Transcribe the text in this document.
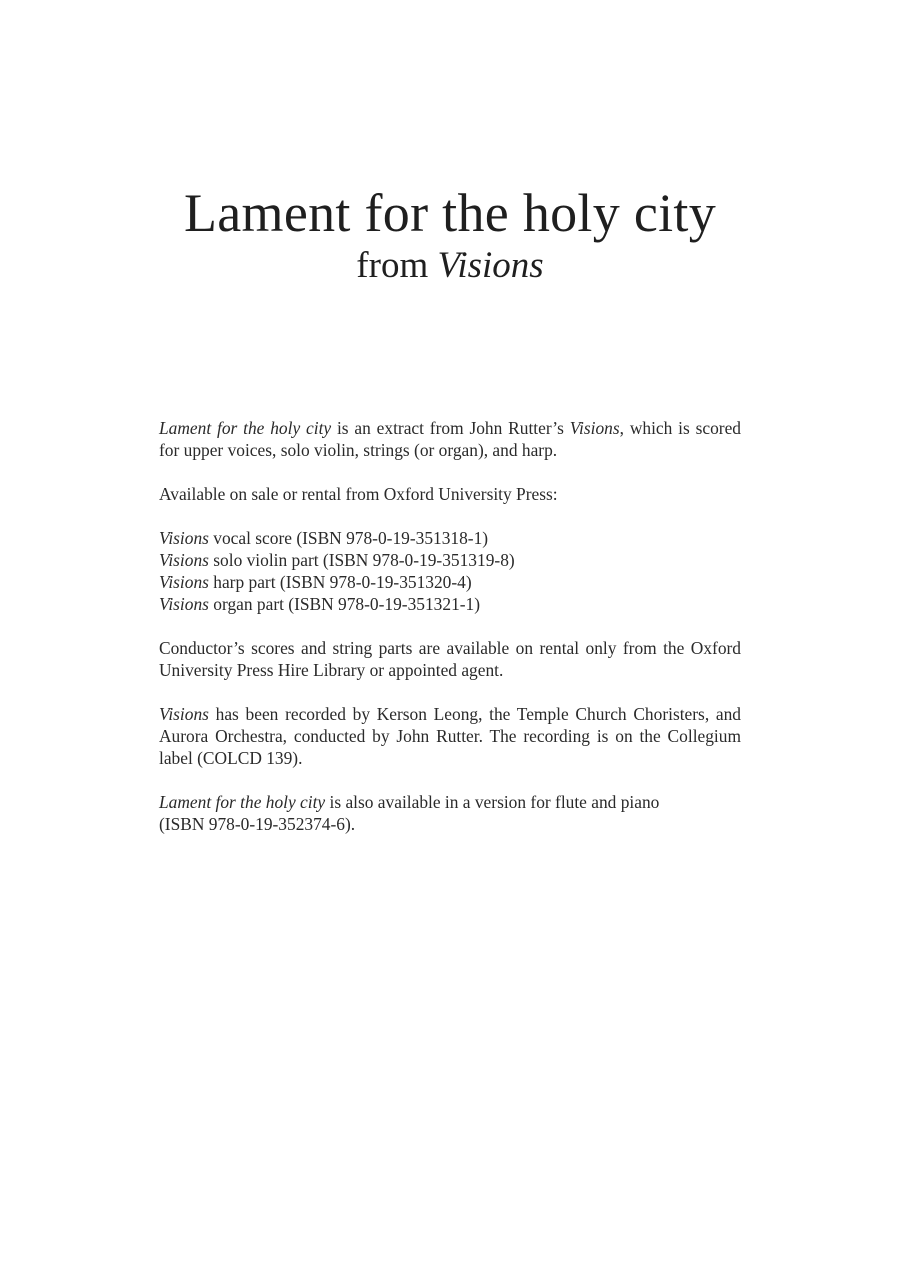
Lament for the holy city
from Visions

Lament for the holy city is an extract from John Rutter’s Visions, which is scored for upper voices, solo violin, strings (or organ), and harp.

Available on sale or rental from Oxford University Press:

Visions vocal score (ISBN 978-0-19-351318-1)

Visions solo violin part (ISBN 978-0-19-351319-8)

Visions harp part (ISBN 978-0-19-351320-4)

Visions organ part (ISBN 978-0-19-351321-1)

Conductor’s scores and string parts are available on rental only from the Oxford University Press Hire Library or appointed agent.

Visions has been recorded by Kerson Leong, the Temple Church Choristers, and Aurora Orchestra, conducted by John Rutter. The recording is on the Collegium label (COLCD 139).

Lament for the holy city is also available in a version for flute and piano
(ISBN 978-0-19-352374-6).
